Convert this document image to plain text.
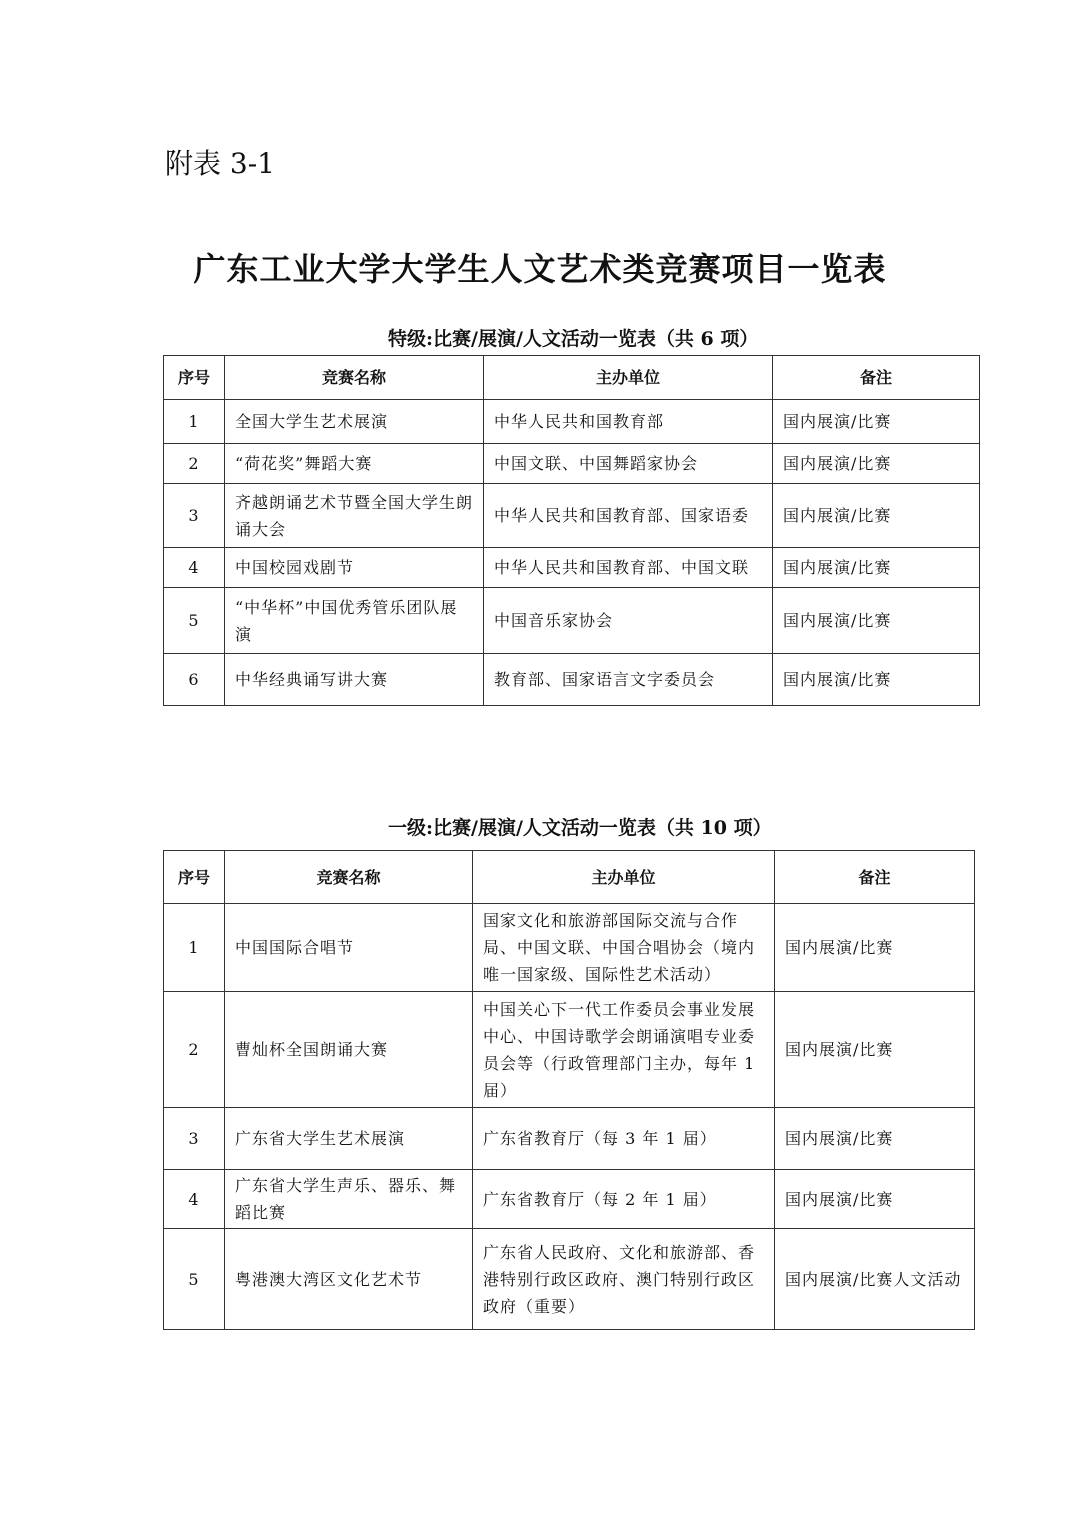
附表 3-1
广东工业大学大学生人文艺术类竞赛项目一览表
特级:比赛/展演/人文活动一览表（共 6 项）
序号	竞赛名称	主办单位	备注
1	全国大学生艺术展演	中华人民共和国教育部	国内展演/比赛
2	“荷花奖”舞蹈大赛	中国文联、中国舞蹈家协会	国内展演/比赛
3	齐越朗诵艺术节暨全国大学生朗诵大会	中华人民共和国教育部、国家语委	国内展演/比赛
4	中国校园戏剧节	中华人民共和国教育部、中国文联	国内展演/比赛
5	“中华杯”中国优秀管乐团队展演	中国音乐家协会	国内展演/比赛
6	中华经典诵写讲大赛	教育部、国家语言文字委员会	国内展演/比赛
一级:比赛/展演/人文活动一览表（共 10 项）
序号	竞赛名称	主办单位	备注
1	中国国际合唱节	国家文化和旅游部国际交流与合作局、中国文联、中国合唱协会（境内唯一国家级、国际性艺术活动）	国内展演/比赛
2	曹灿杯全国朗诵大赛	中国关心下一代工作委员会事业发展中心、中国诗歌学会朗诵演唱专业委员会等（行政管理部门主办，每年 1 届）	国内展演/比赛
3	广东省大学生艺术展演	广东省教育厅（每 3 年 1 届）	国内展演/比赛
4	广东省大学生声乐、器乐、舞蹈比赛	广东省教育厅（每 2 年 1 届）	国内展演/比赛
5	粤港澳大湾区文化艺术节	广东省人民政府、文化和旅游部、香港特别行政区政府、澳门特别行政区政府（重要）	国内展演/比赛人文活动
